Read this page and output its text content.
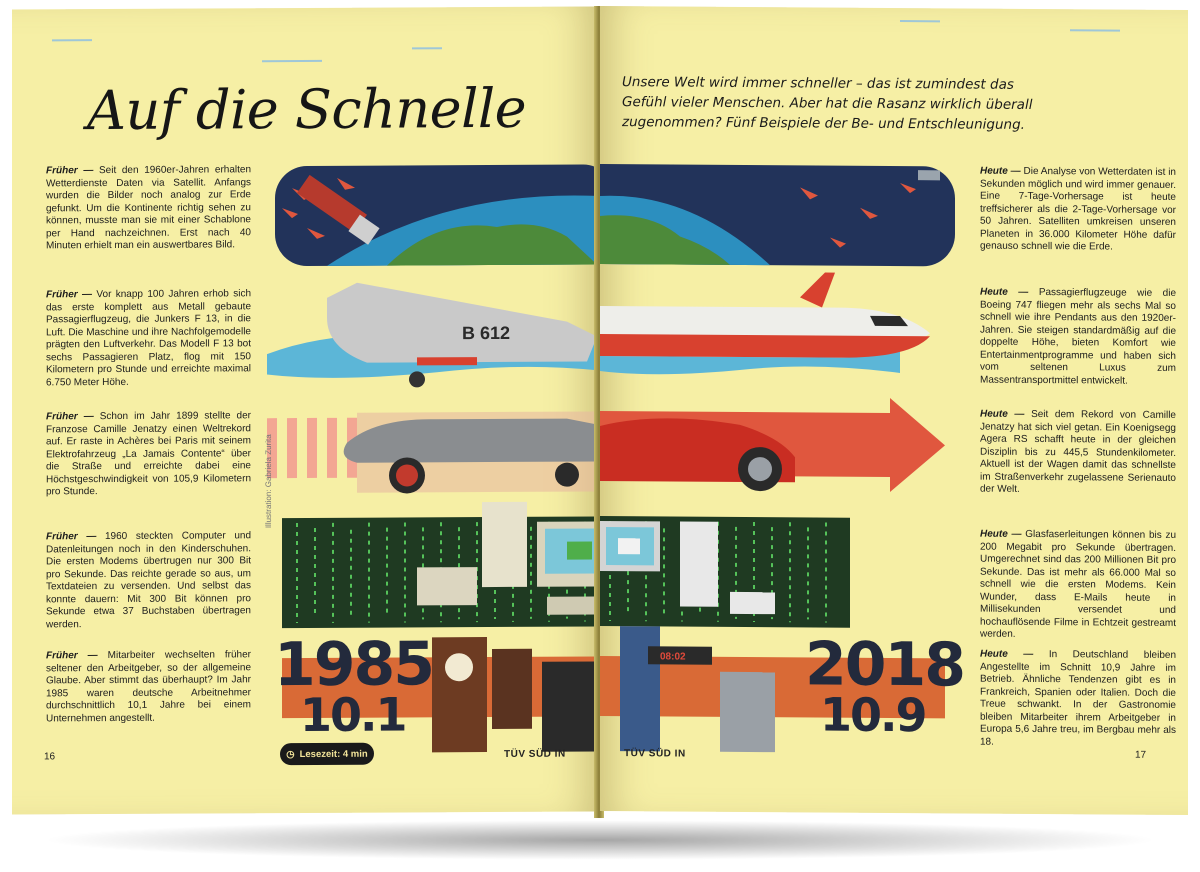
Auf die Schnelle
Früher — Seit den 1960er-Jahren erhalten Wetterdienste Daten via Satellit. Anfangs wurden die Bilder noch analog zur Erde gefunkt. Um die Kontinente richtig sehen zu können, musste man sie mit einer Schablone per Hand nachzeichnen. Erst nach 40 Minuten erhielt man ein auswertbares Bild.
Früher — Vor knapp 100 Jahren erhob sich das erste komplett aus Metall gebaute Passagierflugzeug, die Junkers F 13, in die Luft. Die Maschine und ihre Nachfolgemodelle prägten den Luftverkehr. Das Modell F 13 bot sechs Passagieren Platz, flog mit 150 Kilometern pro Stunde und erreichte maximal 6.750 Meter Höhe.
Früher — Schon im Jahr 1899 stellte der Franzose Camille Jenatzy einen Weltrekord auf. Er raste in Achères bei Paris mit seinem Elektrofahrzeug „La Jamais Contente“ über die Straße und erreichte dabei eine Höchstgeschwindigkeit von 105,9 Kilometern pro Stunde.
Früher — 1960 steckten Computer und Datenleitungen noch in den Kinderschuhen. Die ersten Modems übertrugen nur 300 Bit pro Sekunde. Das reichte gerade so aus, um Textdateien zu versenden. Und selbst das konnte dauern: Mit 300 Bit können pro Sekunde etwa 37 Buchstaben übertragen werden.
Früher — Mitarbeiter wechselten früher seltener den Arbeitgeber, so der allgemeine Glaube. Aber stimmt das überhaupt? Im Jahr 1985 waren deutsche Arbeitnehmer durchschnittlich 10,1 Jahre bei einem Unternehmen angestellt.
B 612
1985
10.1
Illustration: Gabriela Zurita
16	◷ Lesezeit: 4 min	TÜV SÜD IN
Unsere Welt wird immer schneller – das ist zumindest das Gefühl vieler Menschen. Aber hat die Rasanz wirklich überall zugenommen? Fünf Beispiele der Be- und Entschleunigung.
Heute — Die Analyse von Wetterdaten ist in Sekunden möglich und wird immer genauer. Eine 7-Tage-Vorhersage ist heute treffsicherer als die 2-Tage-Vorhersage vor 50 Jahren. Satelliten umkreisen unseren Planeten in 36.000 Kilometer Höhe dafür genauso schnell wie die Erde.
Heute — Passagierflugzeuge wie die Boeing 747 fliegen mehr als sechs Mal so schnell wie ihre Pendants aus den 1920er-Jahren. Sie steigen standardmäßig auf die doppelte Höhe, bieten Komfort wie Entertainmentprogramme und haben sich vom seltenen Luxus zum Massentransportmittel entwickelt.
Heute — Seit dem Rekord von Camille Jenatzy hat sich viel getan. Ein Koenigsegg Agera RS schafft heute in der gleichen Disziplin bis zu 445,5 Stundenkilometer. Aktuell ist der Wagen damit das schnellste im Straßenverkehr zugelassene Serienauto der Welt.
Heute — Glasfaserleitungen können bis zu 200 Megabit pro Sekunde übertragen. Umgerechnet sind das 200 Millionen Bit pro Sekunde. Das ist mehr als 66.000 Mal so schnell wie die ersten Modems. Kein Wunder, dass E-Mails heute in Millisekunden versendet und hochauflösende Filme in Echtzeit gestreamt werden.
Heute — In Deutschland bleiben Angestellte im Schnitt 10,9 Jahre im Betrieb. Ähnliche Tendenzen gibt es in Frankreich, Spanien oder Italien. Doch die Treue schwankt. In der Gastronomie bleiben Mitarbeiter ihrem Arbeitgeber in Europa 5,6 Jahre treu, im Bergbau mehr als 18.
08:02 2018
10.9
TÜV SÜD IN	17
